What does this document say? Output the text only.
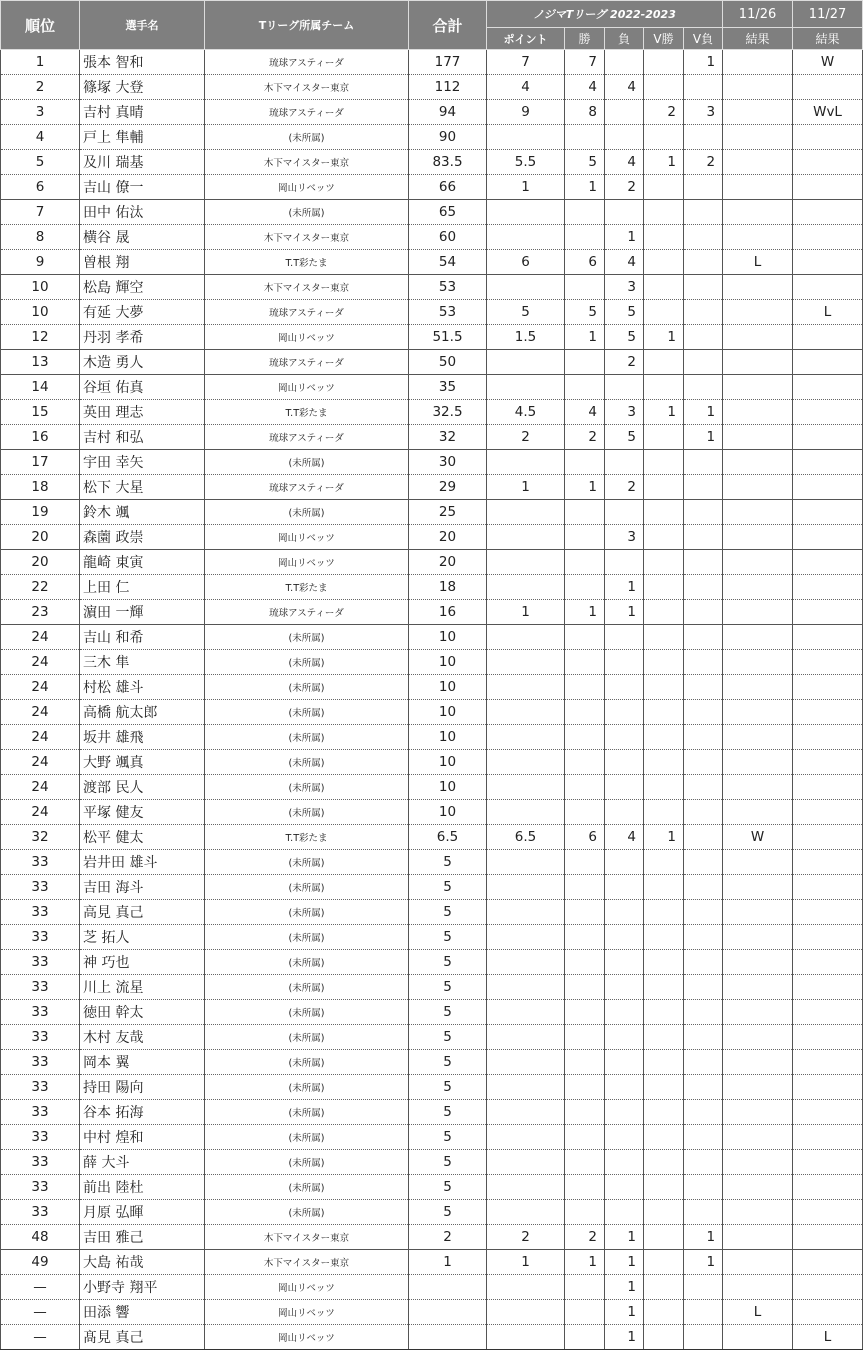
順位	選手名	Tリーグ所属チーム	合計	ノジマTリーグ 2022-2023					11/26	11/27
				ポイント	勝	負	V勝	V負	結果	結果
1	張本 智和	琉球アスティーダ	177	7	7			1		W
2	篠塚 大登	木下マイスター東京	112	4	4	4				
3	吉村 真晴	琉球アスティーダ	94	9	8		2	3		WvL
4	戸上 隼輔	(未所属)	90							
5	及川 瑞基	木下マイスター東京	83.5	5.5	5	4	1	2		
6	吉山 僚一	岡山リベッツ	66	1	1	2				
7	田中 佑汰	(未所属)	65							
8	横谷 晟	木下マイスター東京	60			1				
9	曽根 翔	T.T彩たま	54	6	6	4			L	
10	松島 輝空	木下マイスター東京	53			3				
10	有延 大夢	琉球アスティーダ	53	5	5	5				L
12	丹羽 孝希	岡山リベッツ	51.5	1.5	1	5	1			
13	木造 勇人	琉球アスティーダ	50			2				
14	谷垣 佑真	岡山リベッツ	35							
15	英田 理志	T.T彩たま	32.5	4.5	4	3	1	1		
16	吉村 和弘	琉球アスティーダ	32	2	2	5		1		
17	宇田 幸矢	(未所属)	30							
18	松下 大星	琉球アスティーダ	29	1	1	2				
19	鈴木 颯	(未所属)	25							
20	森薗 政崇	岡山リベッツ	20			3				
20	龍崎 東寅	岡山リベッツ	20							
22	上田 仁	T.T彩たま	18			1				
23	濵田 一輝	琉球アスティーダ	16	1	1	1				
24	吉山 和希	(未所属)	10							
24	三木 隼	(未所属)	10							
24	村松 雄斗	(未所属)	10							
24	高橋 航太郎	(未所属)	10							
24	坂井 雄飛	(未所属)	10							
24	大野 颯真	(未所属)	10							
24	渡部 民人	(未所属)	10							
24	平塚 健友	(未所属)	10							
32	松平 健太	T.T彩たま	6.5	6.5	6	4	1		W	
33	岩井田 雄斗	(未所属)	5							
33	吉田 海斗	(未所属)	5							
33	高見 真己	(未所属)	5							
33	芝 拓人	(未所属)	5							
33	神 巧也	(未所属)	5							
33	川上 流星	(未所属)	5							
33	徳田 幹太	(未所属)	5							
33	木村 友哉	(未所属)	5							
33	岡本 翼	(未所属)	5							
33	持田 陽向	(未所属)	5							
33	谷本 拓海	(未所属)	5							
33	中村 煌和	(未所属)	5							
33	薛 大斗	(未所属)	5							
33	前出 陸杜	(未所属)	5							
33	月原 弘暉	(未所属)	5							
48	吉田 雅己	木下マイスター東京	2	2	2	1		1		
49	大島 祐哉	木下マイスター東京	1	1	1	1		1		
—	小野寺 翔平	岡山リベッツ				1				
—	田添 響	岡山リベッツ				1			L	
—	髙見 真己	岡山リベッツ				1				L
